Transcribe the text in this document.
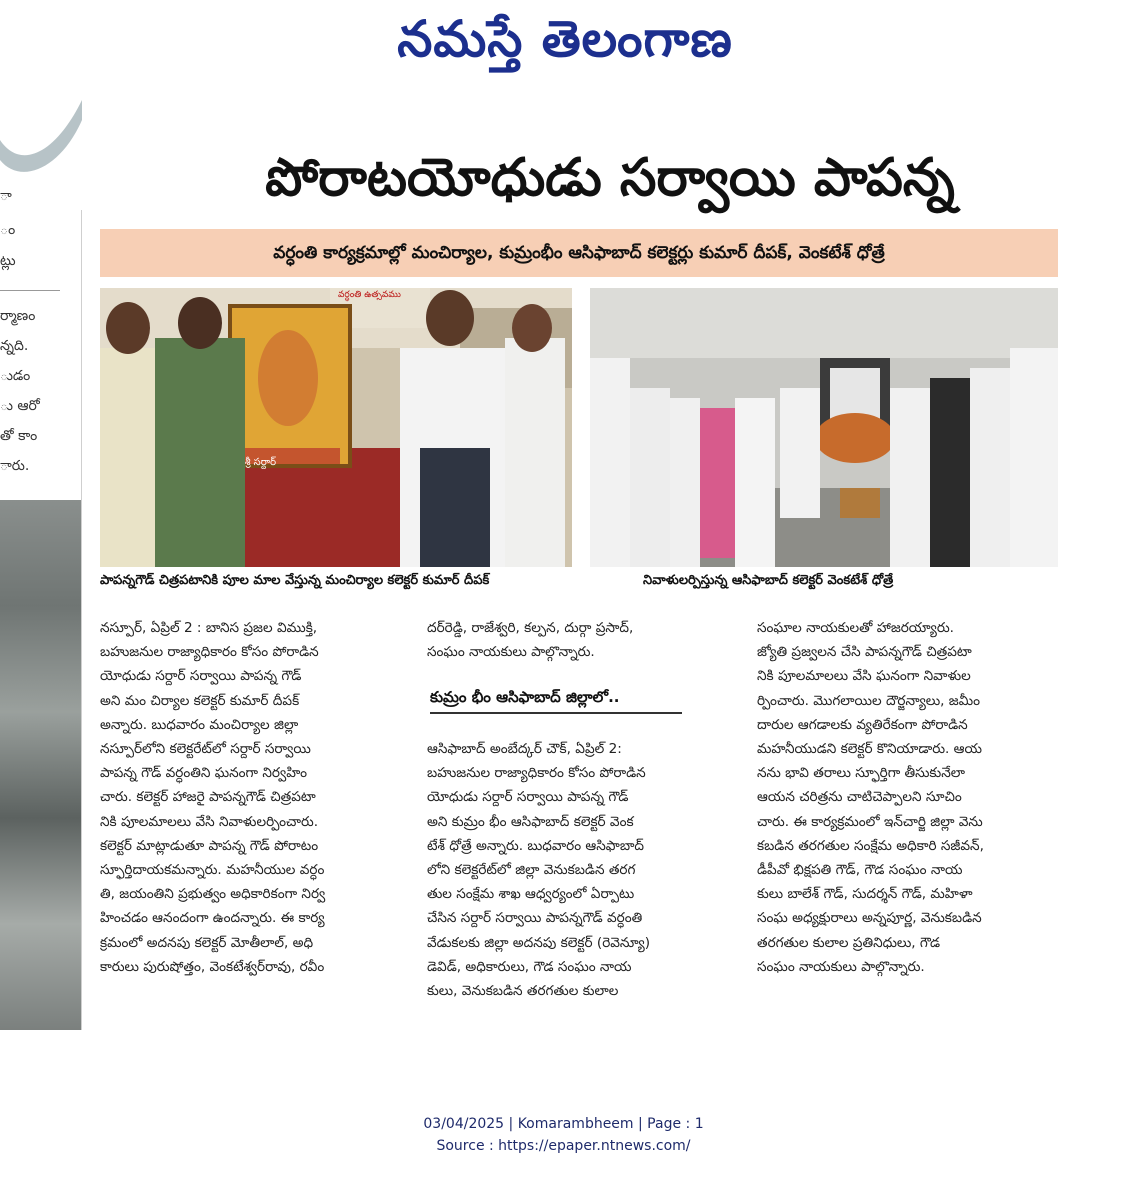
నమస్తే తెలంగాణ
ా
ం
ట్లు
ర్మాణం
న్నది.
ుడం
ు ఆరో
తో కాం
ారు.
పోరాటయోధుడు సర్వాయి పాపన్న
వర్ధంతి కార్యక్రమాల్లో మంచిర్యాల, కుమ్రంభీం ఆసిఫాబాద్ కలెక్టర్లు కుమార్ దీపక్, వెంకటేశ్ ధోత్రే
వర్ధంతి ఉత్సవము
శ్రీ సర్దార్
పాపన్నగౌడ్ చిత్రపటానికి పూల మాల వేస్తున్న మంచిర్యాల కలెక్టర్ కుమార్ దీపక్	నివాళులర్పిస్తున్న ఆసిఫాబాద్ కలెక్టర్ వెంకటేశ్ ధోత్రే
నస్పూర్, ఏప్రిల్ 2 : బానిస ప్రజల విముక్తి,
బహుజనుల రాజ్యాధికారం కోసం పోరాడిన
యోధుడు సర్దార్ సర్వాయి పాపన్న గౌడ్
అని మం చిర్యాల కలెక్టర్ కుమార్ దీపక్
అన్నారు. బుధవారం మంచిర్యాల జిల్లా
నస్పూర్‌లోని కలెక్టరేట్‌లో సర్దార్ సర్వాయి
పాపన్న గౌడ్ వర్ధంతిని ఘనంగా నిర్వహిం
చారు. కలెక్టర్ హాజరై పాపన్నగౌడ్ చిత్రపటా
నికి పూలమాలలు వేసి నివాళులర్పించారు.
కలెక్టర్ మాట్లాడుతూ పాపన్న గౌడ్ పోరాటం
స్ఫూర్తిదాయకమన్నారు. మహనీయుల వర్ధం
తి, జయంతిని ప్రభుత్వం అధికారికంగా నిర్వ
హించడం ఆనందంగా ఉందన్నారు. ఈ కార్య
క్రమంలో అదనపు కలెక్టర్ మోతీలాల్, అధి
కారులు పురుషోత్తం, వెంకటేశ్వర్‌రావు, రవీం
దర్‌రెడ్డి, రాజేశ్వరి, కల్పన, దుర్గా ప్రసాద్,
సంఘం నాయకులు పాల్గొన్నారు.
కుమ్రం భీం ఆసిఫాబాద్ జిల్లాలో..
ఆసిఫాబాద్ అంబేద్కర్ చౌక్, ఏప్రిల్ 2:
బహుజనుల రాజ్యాధికారం కోసం పోరాడిన
యోధుడు సర్దార్ సర్వాయి పాపన్న గౌడ్
అని కుమ్రం భీం ఆసిఫాబాద్ కలెక్టర్ వెంక
టేశ్ ధోత్రే అన్నారు. బుధవారం ఆసిఫాబాద్
లోని కలెక్టరేట్‌లో జిల్లా వెనుకబడిన తరగ
తుల సంక్షేమ శాఖ ఆధ్వర్యంలో ఏర్పాటు
చేసిన సర్దార్ సర్వాయి పాపన్నగౌడ్ వర్ధంతి
వేడుకలకు జిల్లా అదనపు కలెక్టర్ (రెవెన్యూ)
డెవిడ్, అధికారులు, గౌడ సంఘం నాయ
కులు, వెనుకబడిన తరగతుల కులాల
సంఘాల నాయకులతో హాజరయ్యారు.
జ్యోతి ప్రజ్వలన చేసి పాపన్నగౌడ్ చిత్రపటా
నికి పూలమాలలు వేసి ఘనంగా నివాళుల
ర్పించారు. మొగలాయిల దౌర్జన్యాలు, జమీం
దారుల ఆగడాలకు వ్యతిరేకంగా పోరాడిన
మహనీయుడని కలెక్టర్ కొనియాడారు. ఆయ
నను భావి తరాలు స్ఫూర్తిగా తీసుకునేలా
ఆయన చరిత్రను చాటిచెప్పాలని సూచిం
చారు. ఈ కార్యక్రమంలో ఇన్‌చార్జి జిల్లా వెను
కబడిన తరగతుల సంక్షేమ అధికారి సజీవన్,
డీపీవో భిక్షపతి గౌడ్, గౌడ సంఘం నాయ
కులు బాలేశ్ గౌడ్, సుదర్శన్ గౌడ్, మహిళా
సంఘ అధ్యక్షురాలు అన్నపూర్ణ, వెనుకబడిన
తరగతుల కులాల ప్రతినిధులు, గౌడ
సంఘం నాయకులు పాల్గొన్నారు.
03/04/2025 | Komarambheem | Page : 1
Source : https://epaper.ntnews.com/
